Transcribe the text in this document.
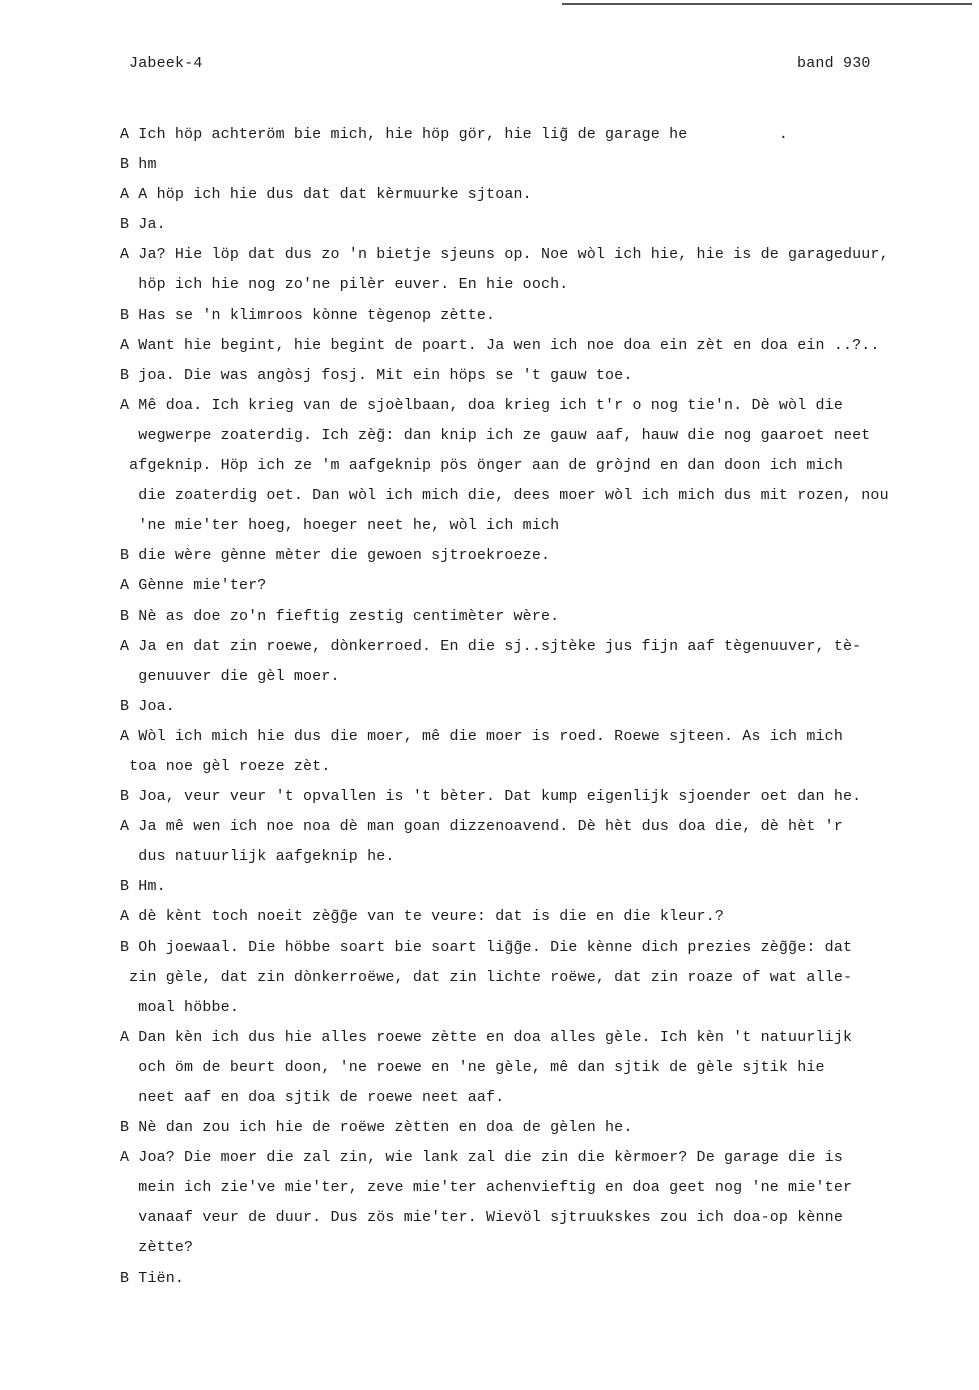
Jabeek-4	band 930
A Ich höp achteröm bie mich, hie höp gör, hie lig̃ de garage he          .
B hm
A A höp ich hie dus dat dat kèrmuurke sjtoan.
B Ja.
A Ja? Hie löp dat dus zo 'n bietje sjeuns op. Noe wòl ich hie, hie is de garageduur,
höp ich hie nog zo'ne pilèr euver. En hie ooch.
B Has se 'n klimroos kònne tègenop zètte.
A Want hie begint, hie begint de poart. Ja wen ich noe doa ein zèt en doa ein ..?..
B joa. Die was angòsj fosj. Mit ein höps se 't gauw toe.
A Mê doa. Ich krieg van de sjoèlbaan, doa krieg ich t'r o nog tie'n. Dè wòl die
wegwerpe zoaterdig. Ich zèg̃: dan knip ich ze gauw aaf, hauw die nog gaaroet neet
afgeknip. Höp ich ze 'm aafgeknip pös önger aan de gròjnd en dan doon ich mich
die zoaterdig oet. Dan wòl ich mich die, dees moer wòl ich mich dus mit rozen, nou
'ne mie'ter hoeg, hoeger neet he, wòl ich mich
B die wère gènne mèter die gewoen sjtroekroeze.
A Gènne mie'ter?
B Nè as doe zo'n fieftig zestig centimèter wère.
A Ja en dat zin roewe, dònkerroed. En die sj..sjtèke jus fijn aaf tègenuuver, tè-
genuuver die gèl moer.
B Joa.
A Wòl ich mich hie dus die moer, mê die moer is roed. Roewe sjteen. As ich mich
toa noe gèl roeze zèt.
B Joa, veur veur 't opvallen is 't bèter. Dat kump eigenlijk sjoender oet dan he.
A Ja mê wen ich noe noa dè man goan dizzenoavend. Dè hèt dus doa die, dè hèt 'r
dus natuurlijk aafgeknip he.
B Hm.
A dè kènt toch noeit zèg̃g̃e van te veure: dat is die en die kleur.?
B Oh joewaal. Die höbbe soart bie soart lig̃g̃e. Die kènne dich prezies zèg̃g̃e: dat
zin gèle, dat zin dònkerroëwe, dat zin lichte roëwe, dat zin roaze of wat alle-
moal höbbe.
A Dan kèn ich dus hie alles roewe zètte en doa alles gèle. Ich kèn 't natuurlijk
och öm de beurt doon, 'ne roewe en 'ne gèle, mê dan sjtik de gèle sjtik hie
neet aaf en doa sjtik de roewe neet aaf.
B Nè dan zou ich hie de roëwe zètten en doa de gèlen he.
A Joa? Die moer die zal zin, wie lank zal die zin die kèrmoer? De garage die is
mein ich zie've mie'ter, zeve mie'ter achenvieftig en doa geet nog 'ne mie'ter
vanaaf veur de duur. Dus zös mie'ter. Wievöl sjtruukskes zou ich doa-op kènne
zètte?
B Tiën.
